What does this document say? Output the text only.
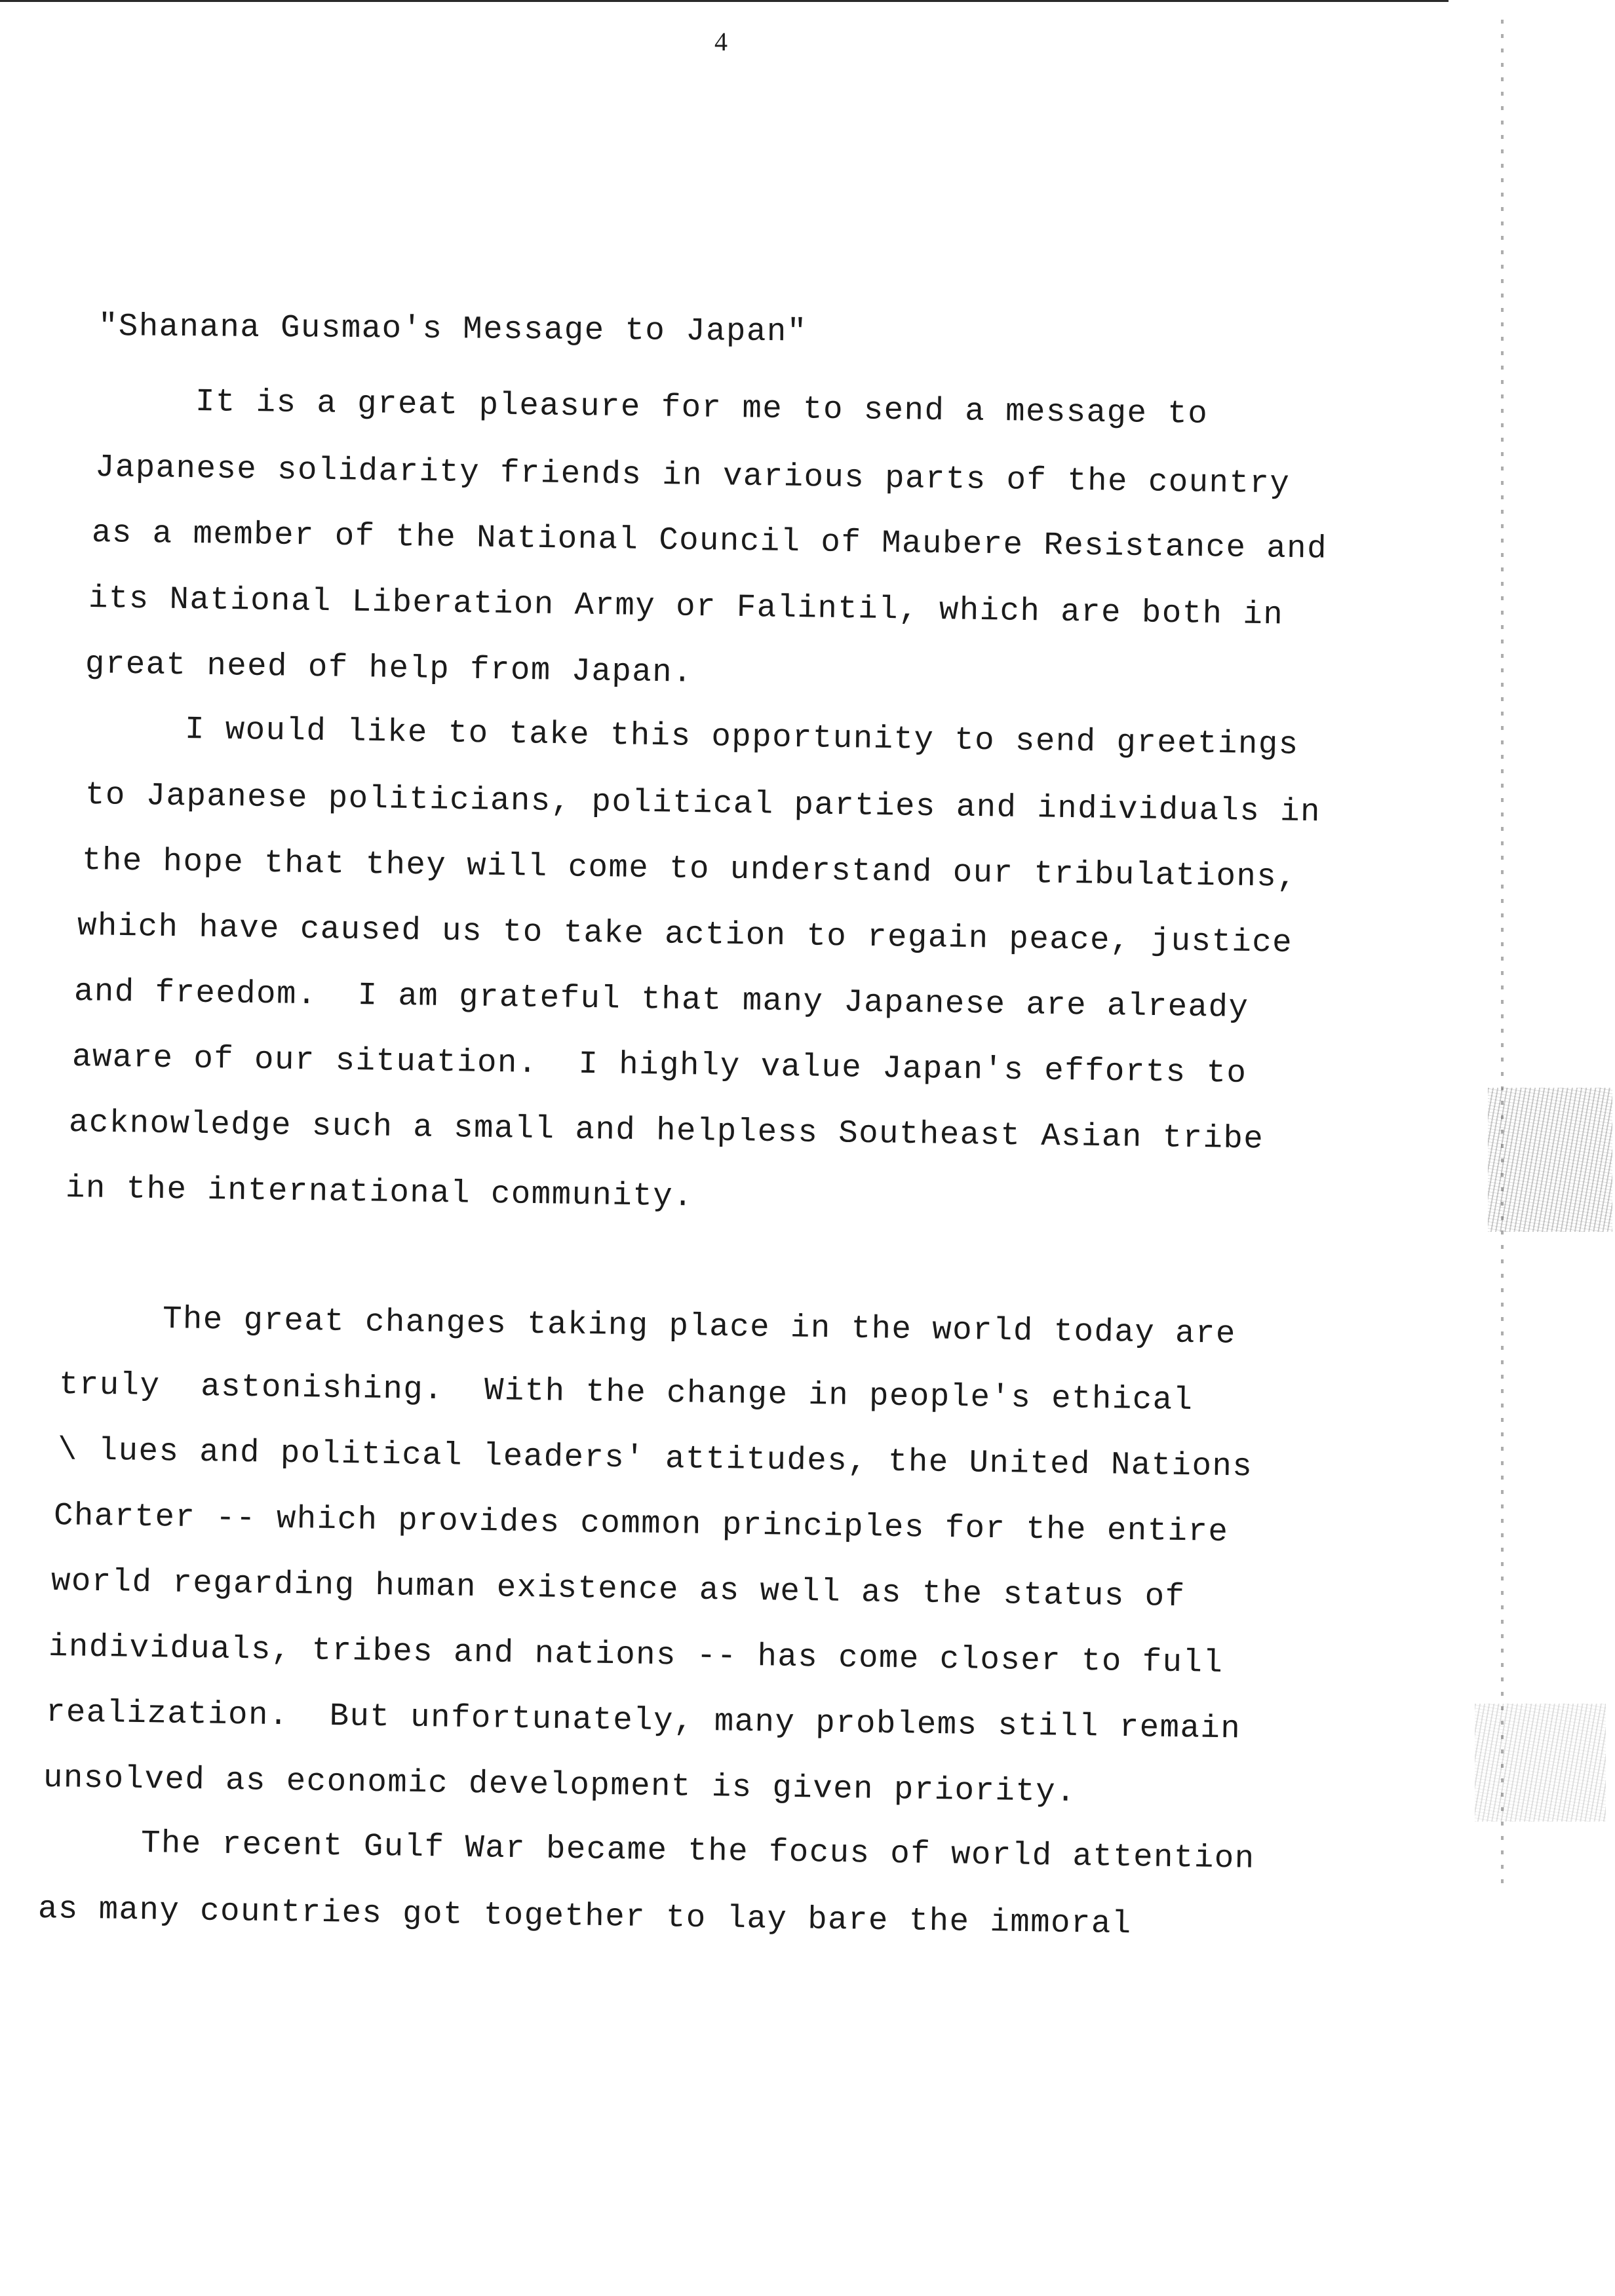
4
"Shanana Gusmao's Message to Japan"
It is a great pleasure for me to send a message to
Japanese solidarity friends in various parts of the country
as a member of the National Council of Maubere Resistance and
its National Liberation Army or Falintil, which are both in
great need of help from Japan.
I would like to take this opportunity to send greetings
to Japanese politicians, political parties and individuals in
the hope that they will come to understand our tribulations,
which have caused us to take action to regain peace, justice
and freedom.  I am grateful that many Japanese are already
aware of our situation.  I highly value Japan's efforts to
acknowledge such a small and helpless Southeast Asian tribe
in the international community.
The great changes taking place in the world today are
truly  astonishing.  With the change in people's ethical
\ lues and political leaders' attitudes, the United Nations
Charter -- which provides common principles for the entire
world regarding human existence as well as the status of
individuals, tribes and nations -- has come closer to full
realization.  But unfortunately, many problems still remain
unsolved as economic development is given priority.
The recent Gulf War became the focus of world attention
as many countries got together to lay bare the immoral
